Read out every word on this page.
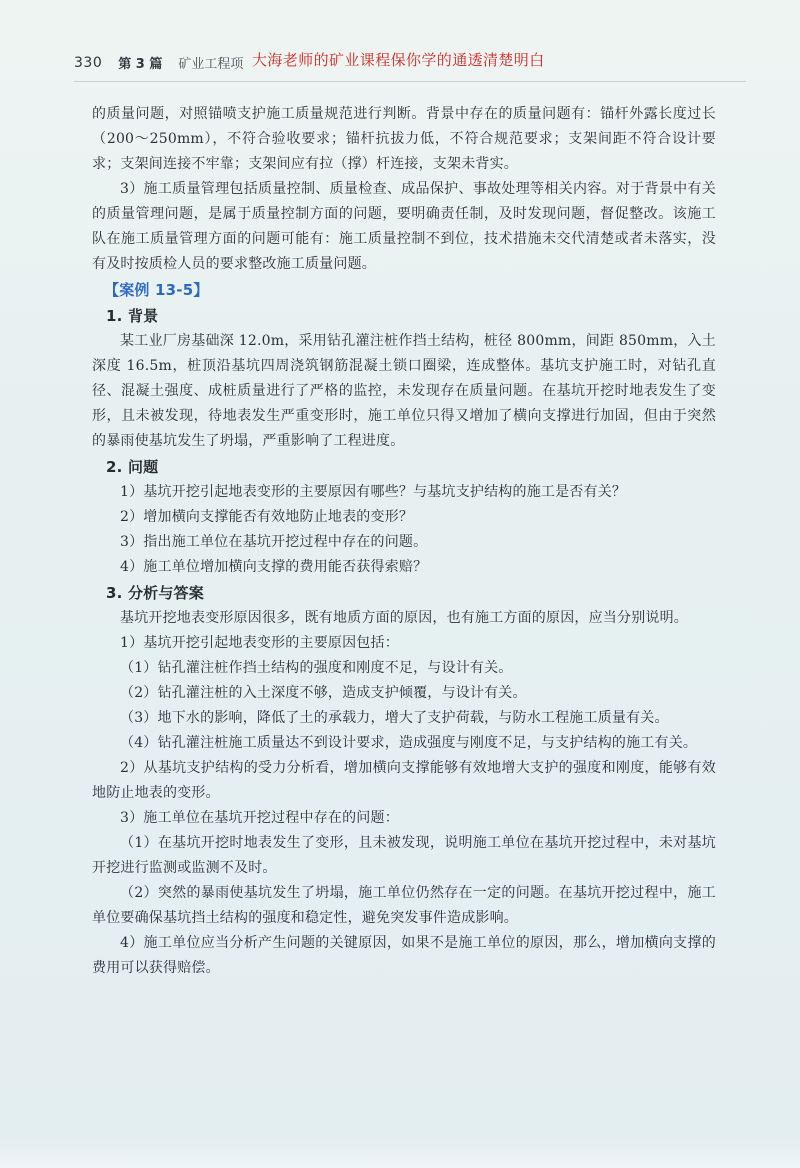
330 第 3 篇 矿业工程项 大海老师的矿业课程保你学的通透清楚明白

的质量问题，对照锚喷支护施工质量规范进行判断。背景中存在的质量问题有：锚杆外露长度过长（200～250mm），不符合验收要求；锚杆抗拔力低，不符合规范要求；支架间距不符合设计要求；支架间连接不牢靠；支架间应有拉（撑）杆连接，支架未背实。

3）施工质量管理包括质量控制、质量检查、成品保护、事故处理等相关内容。对于背景中有关的质量管理问题，是属于质量控制方面的问题，要明确责任制，及时发现问题，督促整改。该施工队在施工质量管理方面的问题可能有：施工质量控制不到位，技术措施未交代清楚或者未落实，没有及时按质检人员的要求整改施工质量问题。

【案例 13-5】
1. 背景

某工业厂房基础深 12.0m，采用钻孔灌注桩作挡土结构，桩径 800mm，间距 850mm，入土深度 16.5m，桩顶沿基坑四周浇筑钢筋混凝土锁口圈梁，连成整体。基坑支护施工时，对钻孔直径、混凝土强度、成桩质量进行了严格的监控，未发现存在质量问题。在基坑开挖时地表发生了变形，且未被发现，待地表发生严重变形时，施工单位只得又增加了横向支撑进行加固，但由于突然的暴雨使基坑发生了坍塌，严重影响了工程进度。

2. 问题

1）基坑开挖引起地表变形的主要原因有哪些？与基坑支护结构的施工是否有关？

2）增加横向支撑能否有效地防止地表的变形？

3）指出施工单位在基坑开挖过程中存在的问题。

4）施工单位增加横向支撑的费用能否获得索赔？

3. 分析与答案

基坑开挖地表变形原因很多，既有地质方面的原因，也有施工方面的原因，应当分别说明。

1）基坑开挖引起地表变形的主要原因包括：

（1）钻孔灌注桩作挡土结构的强度和刚度不足，与设计有关。

（2）钻孔灌注桩的入土深度不够，造成支护倾覆，与设计有关。

（3）地下水的影响，降低了土的承载力，增大了支护荷载，与防水工程施工质量有关。

（4）钻孔灌注桩施工质量达不到设计要求，造成强度与刚度不足，与支护结构的施工有关。

2）从基坑支护结构的受力分析看，增加横向支撑能够有效地增大支护的强度和刚度，能够有效地防止地表的变形。

3）施工单位在基坑开挖过程中存在的问题：

（1）在基坑开挖时地表发生了变形，且未被发现，说明施工单位在基坑开挖过程中，未对基坑开挖进行监测或监测不及时。

（2）突然的暴雨使基坑发生了坍塌，施工单位仍然存在一定的问题。在基坑开挖过程中，施工单位要确保基坑挡土结构的强度和稳定性，避免突发事件造成影响。

4）施工单位应当分析产生问题的关键原因，如果不是施工单位的原因，那么，增加横向支撑的费用可以获得赔偿。
